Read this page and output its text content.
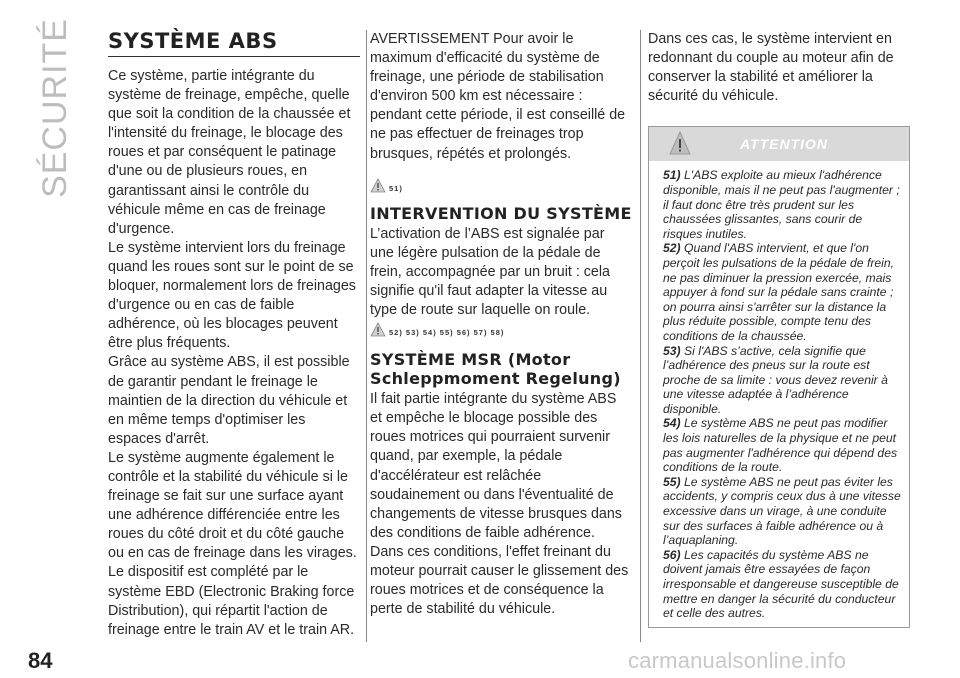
SÉCURITÉ SYSTÈME ABS

Ce système, partie intégrante du système de freinage, empêche, quelle que soit la condition de la chaussée et l'intensité du freinage, le blocage des roues et par conséquent le patinage d'une ou de plusieurs roues, en garantissant ainsi le contrôle du véhicule même en cas de freinage d'urgence.

Le système intervient lors du freinage quand les roues sont sur le point de se bloquer, normalement lors de freinages d'urgence ou en cas de faible adhérence, où les blocages peuvent être plus fréquents.

Grâce au système ABS, il est possible de garantir pendant le freinage le maintien de la direction du véhicule et en même temps d'optimiser les espaces d'arrêt.

Le système augmente également le contrôle et la stabilité du véhicule si le freinage se fait sur une surface ayant une adhérence différenciée entre les roues du côté droit et du côté gauche ou en cas de freinage dans les virages.

Le dispositif est complété par le système EBD (Electronic Braking force Distribution), qui répartit l'action de freinage entre le train AV et le train AR.

AVERTISSEMENT Pour avoir le maximum d'efficacité du système de freinage, une période de stabilisation d'environ 500 km est nécessaire : pendant cette période, il est conseillé de ne pas effectuer de freinages trop brusques, répétés et prolongés.

51)
INTERVENTION DU SYSTÈME

L’activation de l’ABS est signalée par une légère pulsation de la pédale de frein, accompagnée par un bruit : cela signifie qu'il faut adapter la vitesse au type de route sur laquelle on roule.

52) 53) 54) 55) 56) 57) 58)
SYSTÈME MSR (Motor Schleppmoment Regelung)

Il fait partie intégrante du système ABS et empêche le blocage possible des roues motrices qui pourraient survenir quand, par exemple, la pédale d'accélérateur est relâchée soudainement ou dans l'éventualité de changements de vitesse brusques dans des conditions de faible adhérence. Dans ces conditions, l'effet freinant du moteur pourrait causer le glissement des roues motrices et de conséquence la perte de stabilité du véhicule.

Dans ces cas, le système intervient en redonnant du couple au moteur afin de conserver la stabilité et améliorer la sécurité du véhicule.

ATTENTION

51) L'ABS exploite au mieux l'adhérence disponible, mais il ne peut pas l'augmenter ; il faut donc être très prudent sur les chaussées glissantes, sans courir de risques inutiles.

52) Quand l'ABS intervient, et que l'on perçoit les pulsations de la pédale de frein, ne pas diminuer la pression exercée, mais appuyer à fond sur la pédale sans crainte ; on pourra ainsi s'arrêter sur la distance la plus réduite possible, compte tenu des conditions de la chaussée.

53) Si l'ABS s’active, cela signifie que l’adhérence des pneus sur la route est proche de sa limite : vous devez revenir à une vitesse adaptée à l’adhérence disponible.

54) Le système ABS ne peut pas modifier les lois naturelles de la physique et ne peut pas augmenter l'adhérence qui dépend des conditions de la route.

55) Le système ABS ne peut pas éviter les accidents, y compris ceux dus à une vitesse excessive dans un virage, à une conduite sur des surfaces à faible adhérence ou à l’aquaplaning.

56) Les capacités du système ABS ne doivent jamais être essayées de façon irresponsable et dangereuse susceptible de mettre en danger la sécurité du conducteur et celle des autres.

84	carmanualsonline.info
